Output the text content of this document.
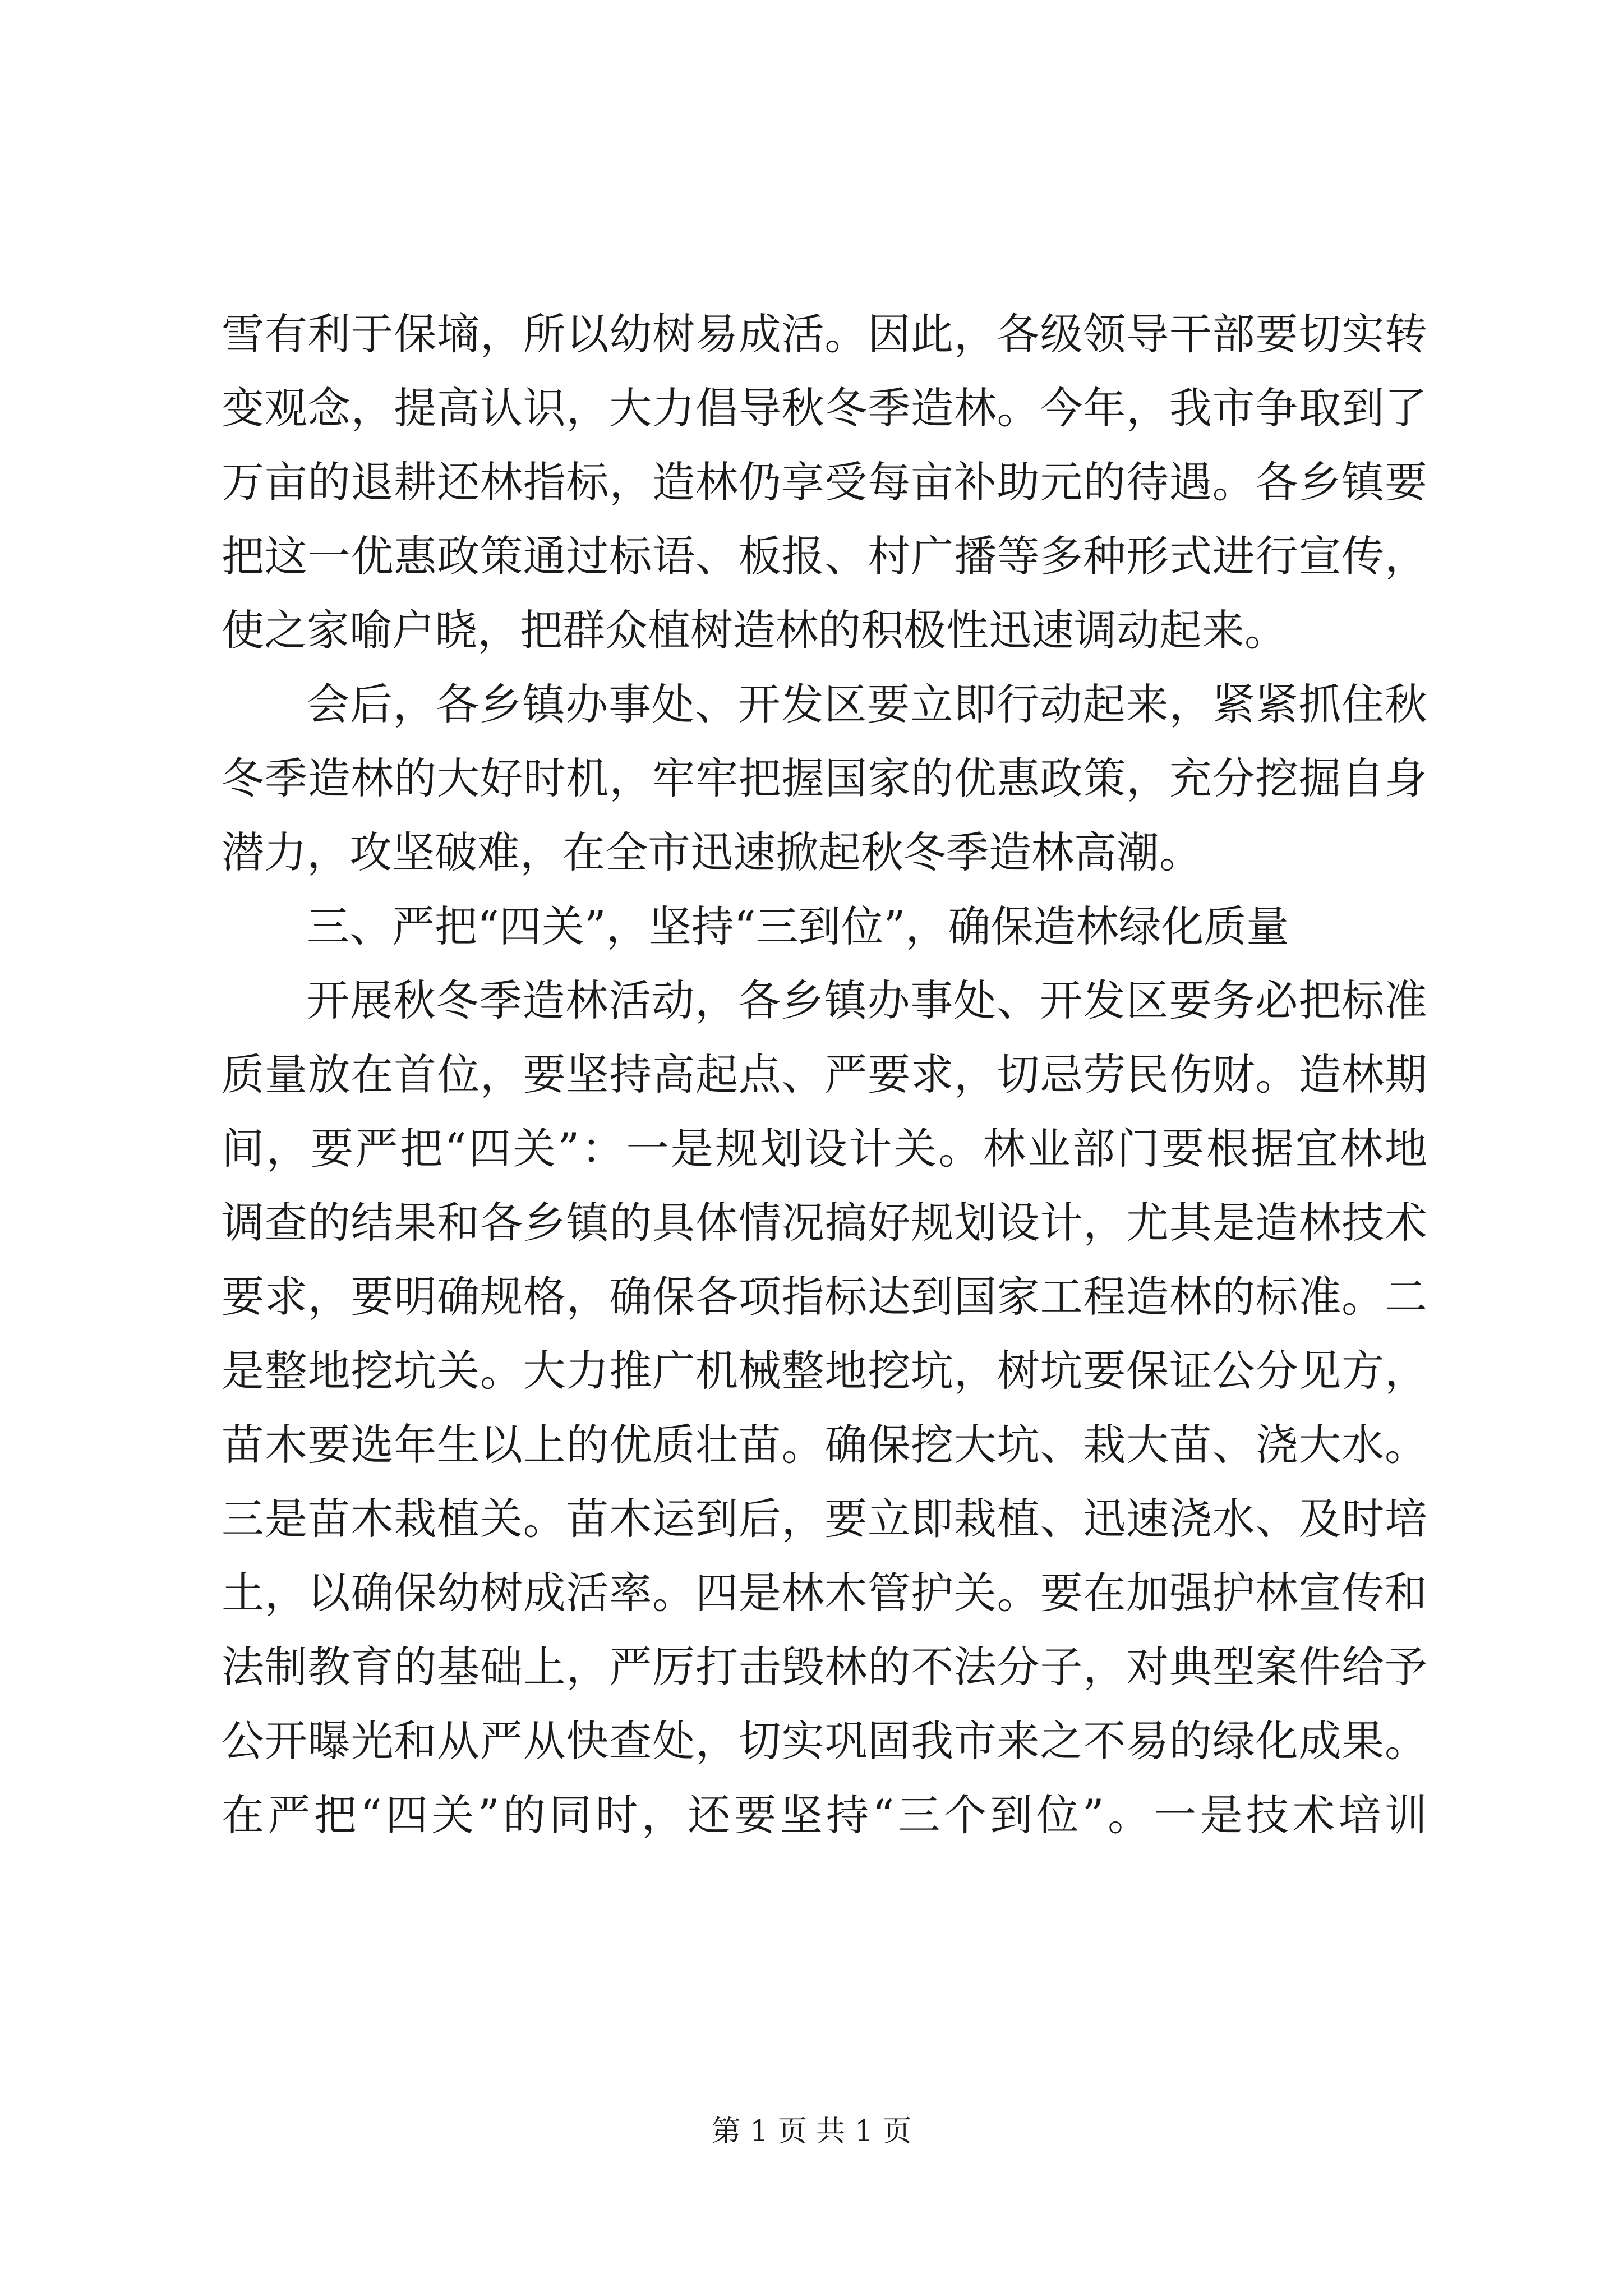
雪有利于保墒，所以幼树易成活。因此，各级领导干部要切实转
变观念，提高认识，大力倡导秋冬季造林。今年，我市争取到了
万亩的退耕还林指标，造林仍享受每亩补助元的待遇。各乡镇要
把这一优惠政策通过标语、板报、村广播等多种形式进行宣传，
使之家喻户晓，把群众植树造林的积极性迅速调动起来。
会后，各乡镇办事处、开发区要立即行动起来，紧紧抓住秋
冬季造林的大好时机，牢牢把握国家的优惠政策，充分挖掘自身
潜力，攻坚破难，在全市迅速掀起秋冬季造林高潮。
三、严把“四关”，坚持“三到位”，确保造林绿化质量
开展秋冬季造林活动，各乡镇办事处、开发区要务必把标准
质量放在首位，要坚持高起点、严要求，切忌劳民伤财。造林期
间，要严把“四关”：一是规划设计关。林业部门要根据宜林地
调查的结果和各乡镇的具体情况搞好规划设计，尤其是造林技术
要求，要明确规格，确保各项指标达到国家工程造林的标准。二
是整地挖坑关。大力推广机械整地挖坑，树坑要保证公分见方，
苗木要选年生以上的优质壮苗。确保挖大坑、栽大苗、浇大水。
三是苗木栽植关。苗木运到后，要立即栽植、迅速浇水、及时培
土，以确保幼树成活率。四是林木管护关。要在加强护林宣传和
法制教育的基础上，严厉打击毁林的不法分子，对典型案件给予
公开曝光和从严从快查处，切实巩固我市来之不易的绿化成果。
在严把“四关”的同时，还要坚持“三个到位”。一是技术培训
第 1 页 共 1 页
